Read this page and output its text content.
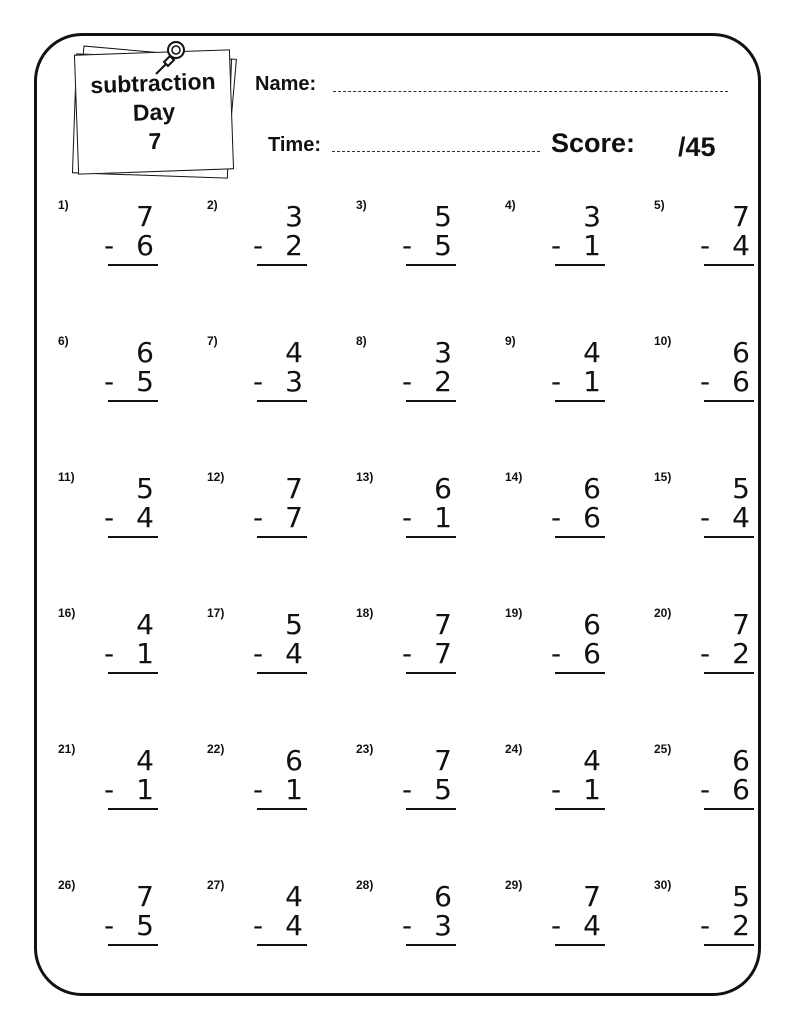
subtraction
Day
7
Name:
Time:	Score: /45
1) 7
- 6
2) 3
- 2
3) 5
- 5
4) 3
- 1
5) 7
- 4
6) 6
- 5
7) 4
- 3
8) 3
- 2
9) 4
- 1
10) 6
- 6
11) 5
- 4
12) 7
- 7
13) 6
- 1
14) 6
- 6
15) 5
- 4
16) 4
- 1
17) 5
- 4
18) 7
- 7
19) 6
- 6
20) 7
- 2
21) 4
- 1
22) 6
- 1
23) 7
- 5
24) 4
- 1
25) 6
- 6
26) 7
- 5
27) 4
- 4
28) 6
- 3
29) 7
- 4
30) 5
- 2
